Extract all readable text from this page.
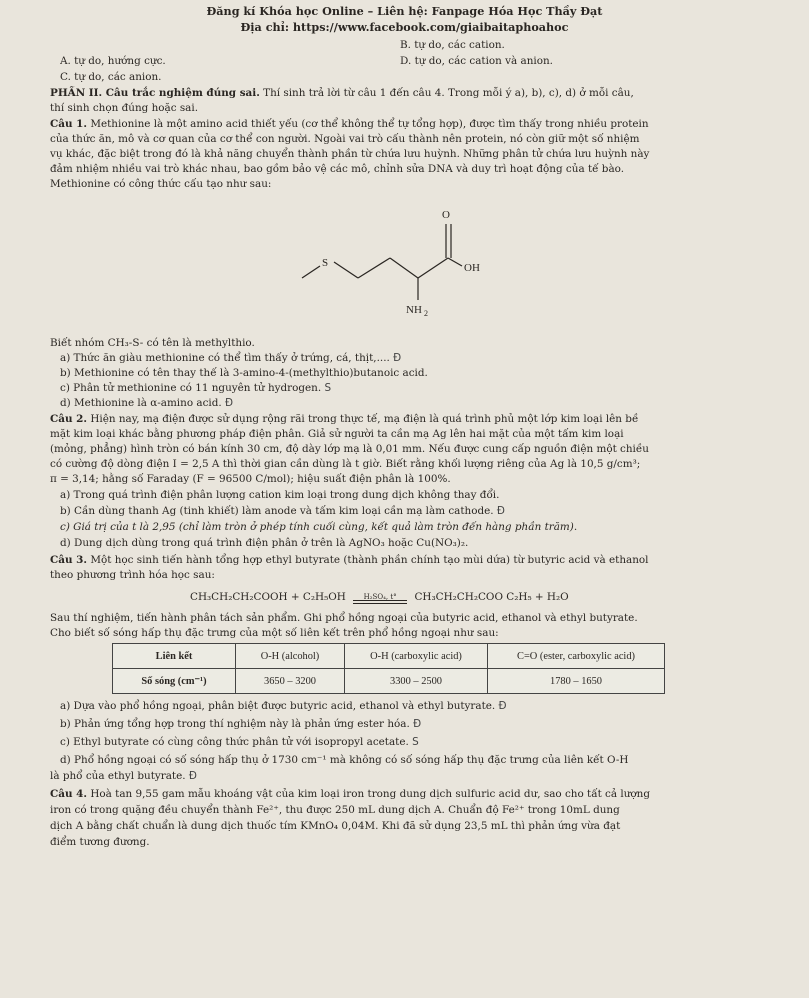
Đăng kí Khóa học Online – Liên hệ: Fanpage Hóa Học Thầy Đạt
Địa chỉ: https://www.facebook.com/giaibaitaphoahoc
B. tự do, các cation.
A. tự do, hướng cực.
C. tự do, các anion.
D. tự do, các cation và anion.
PHẦN II. Câu trắc nghiệm đúng sai. Thí sinh trả lời từ câu 1 đến câu 4. Trong mỗi ý a), b), c), d) ở mỗi câu,
thí sinh chọn đúng hoặc sai.
Câu 1. Methionine là một amino acid thiết yếu (cơ thể không thể tự tổng hợp), được tìm thấy trong nhiều protein
của thức ăn, mô và cơ quan của cơ thể con người. Ngoài vai trò cấu thành nên protein, nó còn giữ một số nhiệm
vụ khác, đặc biệt trong đó là khả năng chuyển thành phần từ chứa lưu huỳnh. Những phân tử chứa lưu huỳnh này
đảm nhiệm nhiều vai trò khác nhau, bao gồm bảo vệ các mô, chỉnh sửa DNA và duy trì hoạt động của tế bào.
Methionine có công thức cấu tạo như sau:
O
S	OH
NH 2
Biết nhóm CH₃-S- có tên là methylthio.
a) Thức ăn giàu methionine có thể tìm thấy ở trứng, cá, thịt,.... Đ
b) Methionine có tên thay thế là 3-amino-4-(methylthio)butanoic acid.
c) Phân tử methionine có 11 nguyên tử hydrogen. S
d) Methionine là α-amino acid. Đ
Câu 2. Hiện nay, mạ điện được sử dụng rộng rãi trong thực tế, mạ điện là quá trình phủ một lớp kim loại lên bề
mặt kim loại khác bằng phương pháp điện phân. Giả sử người ta cần mạ Ag lên hai mặt của một tấm kim loại
(mỏng, phẳng) hình tròn có bán kính 30 cm, độ dày lớp mạ là 0,01 mm. Nếu được cung cấp nguồn điện một chiều
có cường độ dòng điện I = 2,5 A thì thời gian cần dùng là t giờ. Biết rằng khối lượng riêng của Ag là 10,5 g/cm³;
π = 3,14; hằng số Faraday (F = 96500 C/mol); hiệu suất điện phân là 100%.
a) Trong quá trình điện phân lượng cation kim loại trong dung dịch không thay đổi.
b) Cần dùng thanh Ag (tinh khiết) làm anode và tấm kim loại cần mạ làm cathode. Đ
c) Giá trị của t là 2,95 (chỉ làm tròn ở phép tính cuối cùng, kết quả làm tròn đến hàng phần trăm).
d) Dung dịch dùng trong quá trình điện phân ở trên là AgNO₃ hoặc Cu(NO₃)₂.
Câu 3. Một học sinh tiến hành tổng hợp ethyl butyrate (thành phần chính tạo mùi dứa) từ butyric acid và ethanol
theo phương trình hóa học sau:
CH₃CH₂CH₂COOH + C₂H₅OH	H₂SO₄, t° CH₃CH₂CH₂COO C₂H₅ + H₂O
Sau thí nghiệm, tiến hành phân tách sản phẩm. Ghi phổ hồng ngoại của butyric acid, ethanol và ethyl butyrate.
Cho biết số sóng hấp thụ đặc trưng của một số liên kết trên phổ hồng ngoại như sau:
Liên kết	O-H (alcohol)	O-H (carboxylic acid)	C=O (ester, carboxylic acid)
Số sóng (cm⁻¹)	3650 – 3200	3300 – 2500	1780 – 1650
a) Dựa vào phổ hồng ngoại, phân biệt được butyric acid, ethanol và ethyl butyrate. Đ
b) Phản ứng tổng hợp trong thí nghiệm này là phản ứng ester hóa. Đ
c) Ethyl butyrate có cùng công thức phân tử với isopropyl acetate. S
d) Phổ hồng ngoại có số sóng hấp thụ ở 1730 cm⁻¹ mà không có số sóng hấp thụ đặc trưng của liên kết O-H
là phổ của ethyl butyrate. Đ
Câu 4. Hoà tan 9,55 gam mẫu khoáng vật của kim loại iron trong dung dịch sulfuric acid dư, sao cho tất cả lượng
iron có trong quặng đều chuyển thành Fe²⁺, thu được 250 mL dung dịch A. Chuẩn độ Fe²⁺ trong 10mL dung
dịch A bằng chất chuẩn là dung dịch thuốc tím KMnO₄ 0,04M. Khi đã sử dụng 23,5 mL thì phản ứng vừa đạt
điểm tương đương.
